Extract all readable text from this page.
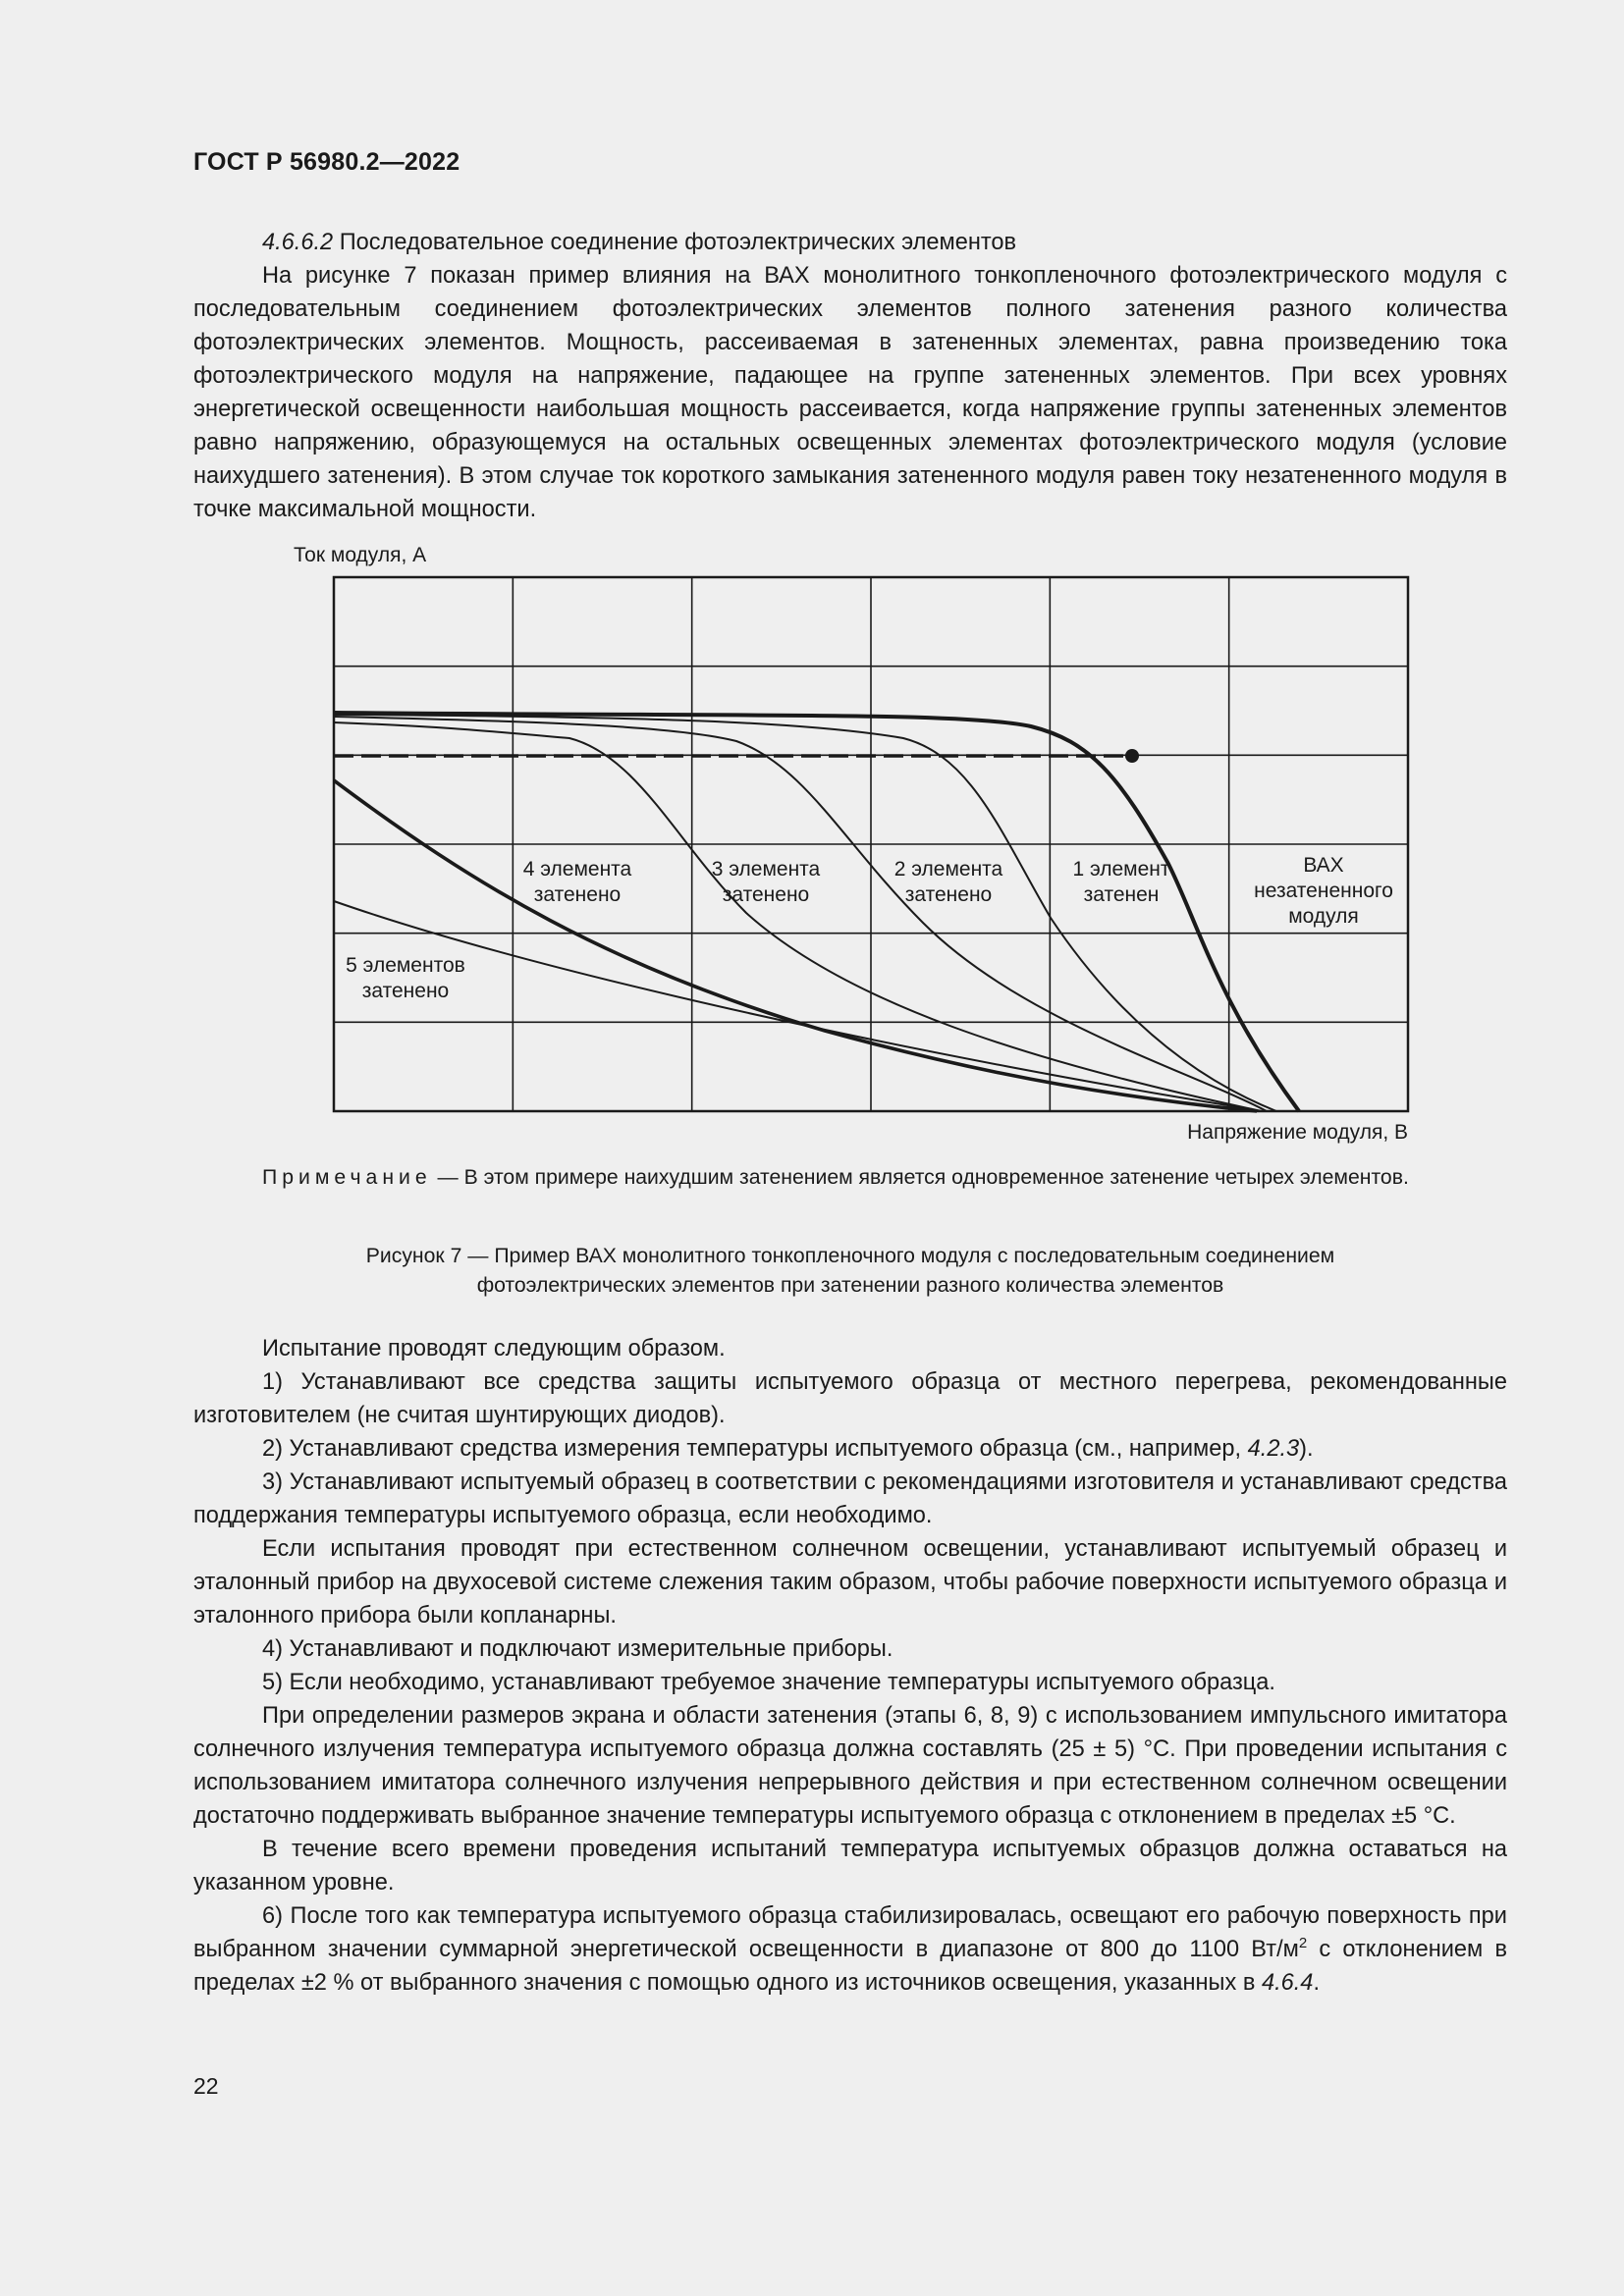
ГОСТ Р 56980.2—2022

4.6.6.2 Последовательное соединение фотоэлектрических элементов

На рисунке 7 показан пример влияния на ВАХ монолитного тонкопленочного фотоэлектрического модуля с последовательным соединением фотоэлектрических элементов полного затенения разного количества фотоэлектрических элементов. Мощность, рассеиваемая в затененных элементах, равна произведению тока фотоэлектрического модуля на напряжение, падающее на группе затененных элементов. При всех уровнях энергетической освещенности наибольшая мощность рассеивается, когда напряжение группы затененных элементов равно напряжению, образующемуся на остальных освещенных элементах фотоэлектрического модуля (условие наихудшего затенения). В этом случае ток короткого замыкания затененного модуля равен току незатененного модуля в точке максимальной мощности.

Ток модуля, А
4 элемента
затенено
3 элемента
затенено
2 элемента
затенено
1 элемент
затенен
ВАХ
незатененного
модуля
5 элементов
затенено
Напряжение модуля, В
Примечание — В этом примере наихудшим затенением является одновременное затенение четырех элементов.
Рисунок 7 — Пример ВАХ монолитного тонкопленочного модуля с последовательным соединением
фотоэлектрических элементов при затенении разного количества элементов

Испытание проводят следующим образом.

1) Устанавливают все средства защиты испытуемого образца от местного перегрева, рекомендованные изготовителем (не считая шунтирующих диодов).

2) Устанавливают средства измерения температуры испытуемого образца (см., например, 4.2.3).

3) Устанавливают испытуемый образец в соответствии с рекомендациями изготовителя и устанавливают средства поддержания температуры испытуемого образца, если необходимо.

Если испытания проводят при естественном солнечном освещении, устанавливают испытуемый образец и эталонный прибор на двухосевой системе слежения таким образом, чтобы рабочие поверхности испытуемого образца и эталонного прибора были копланарны.

4) Устанавливают и подключают измерительные приборы.

5) Если необходимо, устанавливают требуемое значение температуры испытуемого образца.

При определении размеров экрана и области затенения (этапы 6, 8, 9) с использованием импульсного имитатора солнечного излучения температура испытуемого образца должна составлять (25 ± 5) °С. При проведении испытания с использованием имитатора солнечного излучения непрерывного действия и при естественном солнечном освещении достаточно поддерживать выбранное значение температуры испытуемого образца с отклонением в пределах ±5 °С.

В течение всего времени проведения испытаний температура испытуемых образцов должна оставаться на указанном уровне.

6) После того как температура испытуемого образца стабилизировалась, освещают его рабочую поверхность при выбранном значении суммарной энергетической освещенности в диапазоне от 800 до 1100 $Вт/м^2$ с отклонением в пределах ±2 % от выбранного значения с помощью одного из источников освещения, указанных в 4.6.4.

22
